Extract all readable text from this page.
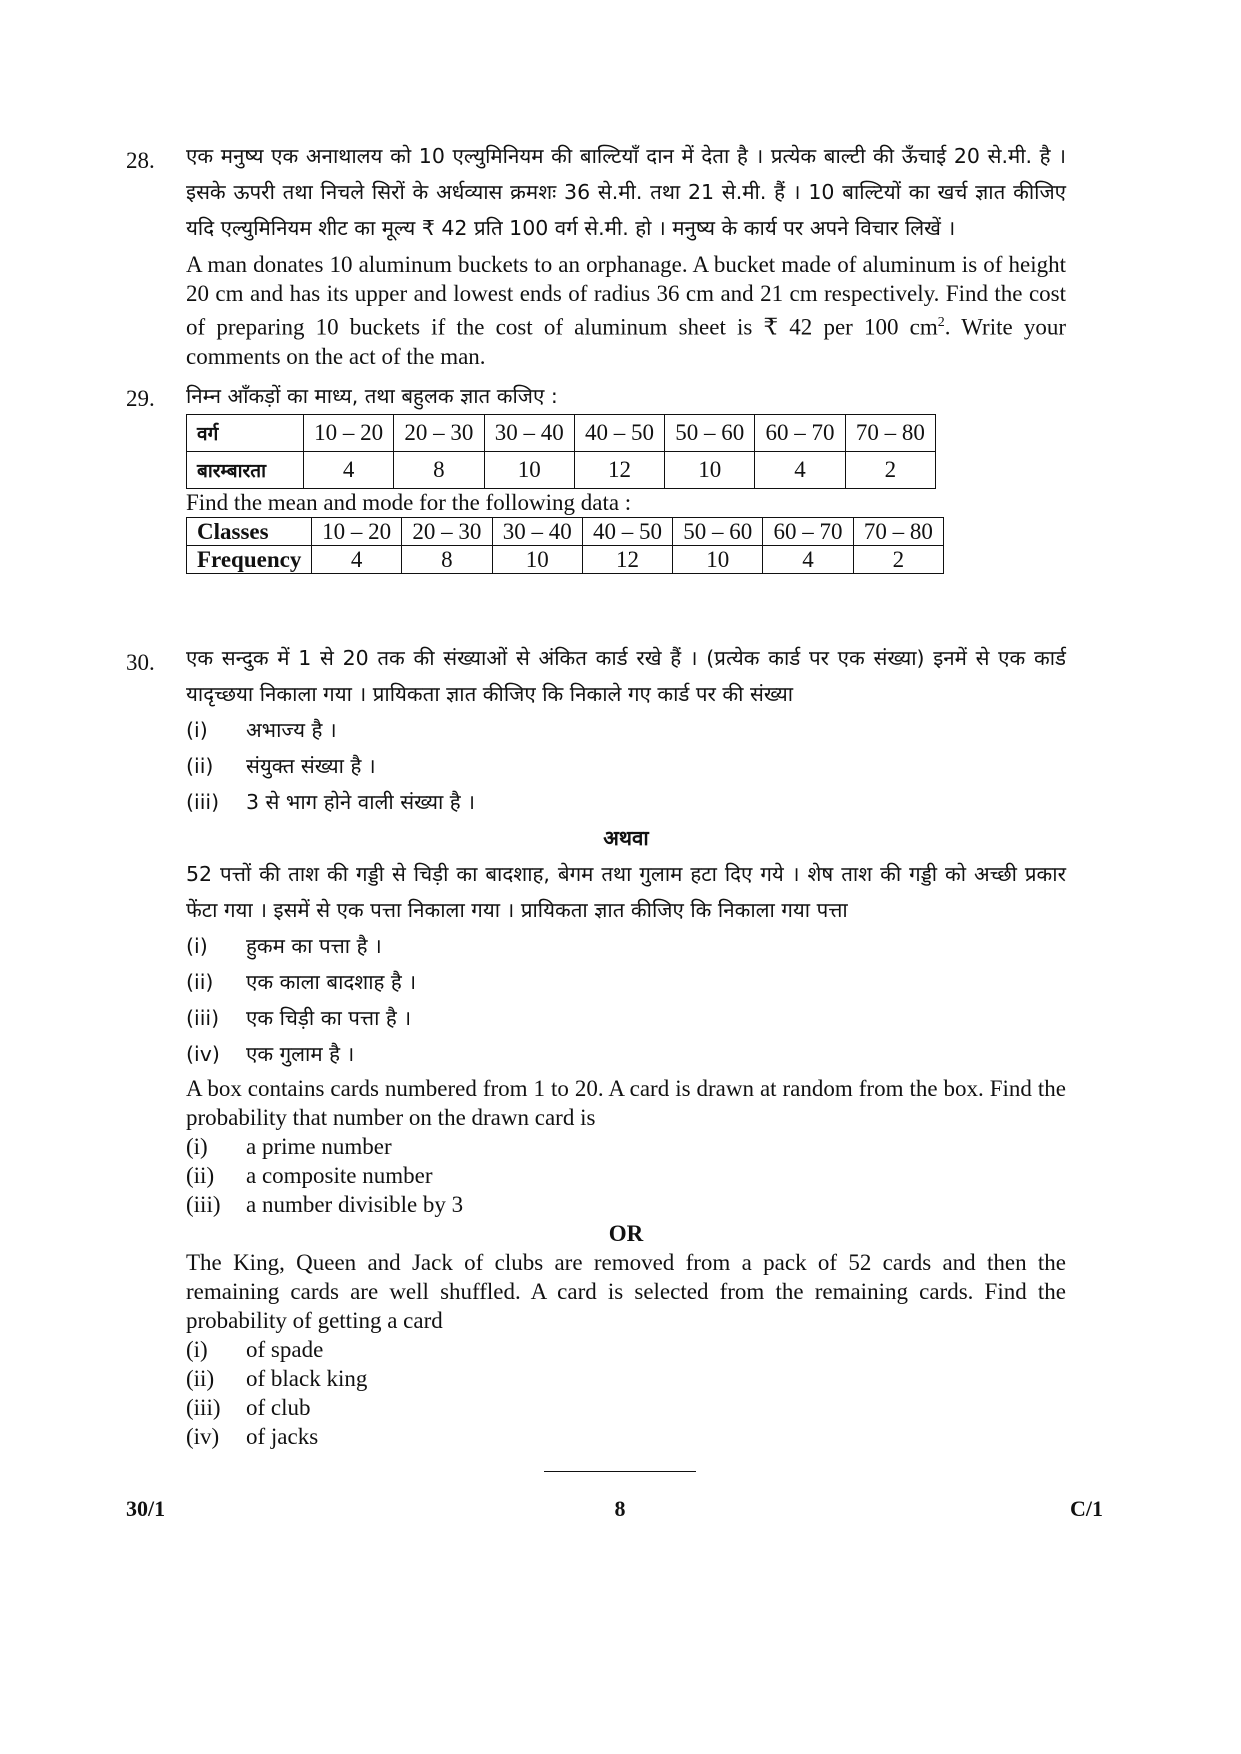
28.	एक मनुष्य एक अनाथालय को 10 एल्युमिनियम की बाल्टियाँ दान में देता है । प्रत्येक बाल्टी की ऊँचाई 20 से.मी. है । इसके ऊपरी तथा निचले सिरों के अर्धव्यास क्रमशः 36 से.मी. तथा 21 से.मी. हैं । 10 बाल्टियों का खर्च ज्ञात कीजिए यदि एल्युमिनियम शीट का मूल्य ₹ 42 प्रति 100 वर्ग से.मी. हो । मनुष्य के कार्य पर अपने विचार लिखें ।

A man donates 10 aluminum buckets to an orphanage. A bucket made of aluminum is of height 20 cm and has its upper and lowest ends of radius 36 cm and 21 cm respectively. Find the cost of preparing 10 buckets if the cost of aluminum sheet is ₹ 42 per 100 $cm^2$. Write your comments on the act of the man.

29.	निम्न आँकड़ों का माध्य, तथा बहुलक ज्ञात कजिए :

वर्ग	10 – 20	20 – 30	30 – 40	40 – 50	50 – 60	60 – 70	70 – 80
बारम्बारता	4	8	10	12	10	4	2

Find the mean and mode for the following data :

Classes	10 – 20	20 – 30	30 – 40	40 – 50	50 – 60	60 – 70	70 – 80
Frequency	4	8	10	12	10	4	2
30.	एक सन्दुक में 1 से 20 तक की संख्याओं से अंकित कार्ड रखे हैं । (प्रत्येक कार्ड पर एक संख्या) इनमें से एक कार्ड यादृच्छया निकाला गया । प्रायिकता ज्ञात कीजिए कि निकाले गए कार्ड पर की संख्या

(i) अभाज्य है ।
(ii) संयुक्त संख्या है ।
(iii) 3 से भाग होने वाली संख्या है ।
अथवा

52 पत्तों की ताश की गड्डी से चिड़ी का बादशाह, बेगम तथा गुलाम हटा दिए गये । शेष ताश की गड्डी को अच्छी प्रकार फेंटा गया । इसमें से एक पत्ता निकाला गया । प्रायिकता ज्ञात कीजिए कि निकाला गया पत्ता

(i) हुकम का पत्ता है ।
(ii) एक काला बादशाह है ।
(iii) एक चिड़ी का पत्ता है ।
(iv) एक गुलाम है ।

A box contains cards numbered from 1 to 20. A card is drawn at random from the box. Find the probability that number on the drawn card is

(i) a prime number
(ii) a composite number
(iii) a number divisible by 3
OR

The King, Queen and Jack of clubs are removed from a pack of 52 cards and then the remaining cards are well shuffled. A card is selected from the remaining cards. Find the probability of getting a card

(i) of spade
(ii) of black king
(iii) of club
(iv) of jacks
30/1	8	C/1
